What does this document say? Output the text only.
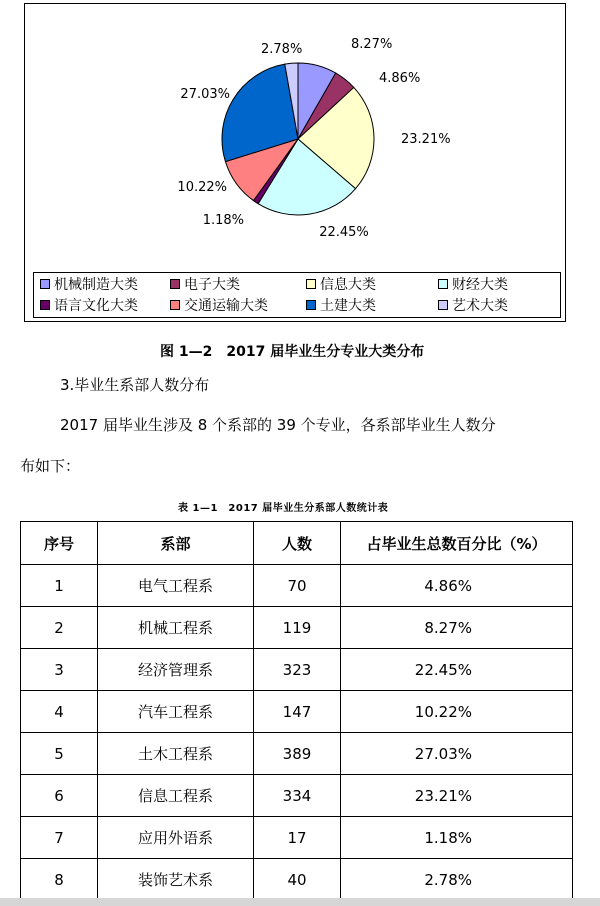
8.27%
4.86%
23.21%
22.45%
1.18%
10.22%
27.03%
2.78%
机械制造大类	电子大类	信息大类	财经大类
语言文化大类	交通运输大类	土建大类	艺术大类
图 1—2　2017 届毕业生分专业大类分布
3.毕业生系部人数分布
2017 届毕业生涉及 8 个系部的 39 个专业，各系部毕业生人数分
布如下：
表 1—1　2017 届毕业生分系部人数统计表
序号	系部	人数	占毕业生总数百分比（%）
1	电气工程系	70	4.86%
2	机械工程系	119	8.27%
3	经济管理系	323	22.45%
4	汽车工程系	147	10.22%
5	土木工程系	389	27.03%
6	信息工程系	334	23.21%
7	应用外语系	17	1.18%
8	装饰艺术系	40	2.78%
